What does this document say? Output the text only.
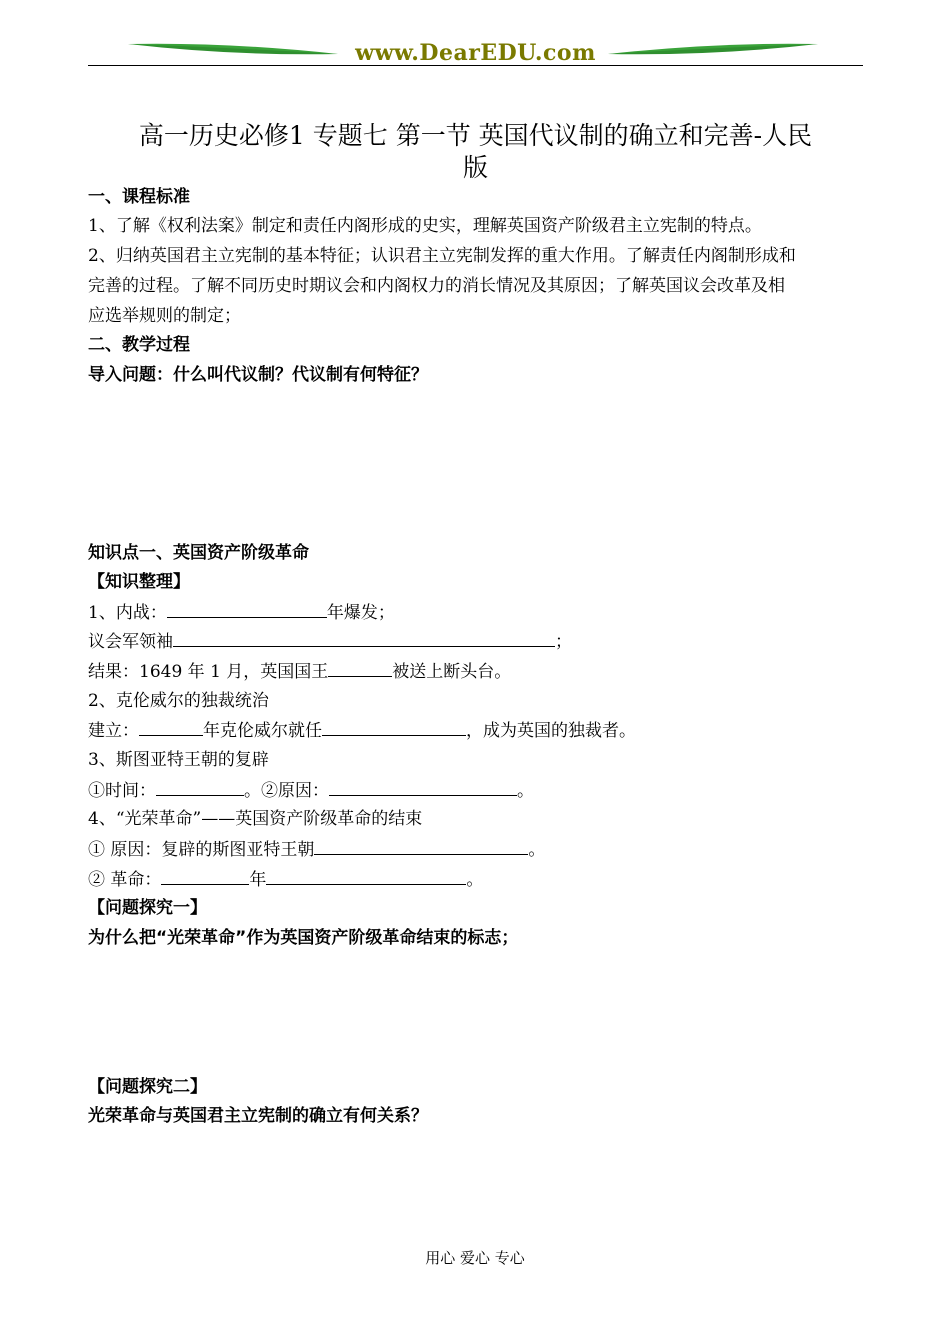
www.DearEDU.com
高一历史必修1 专题七 第一节 英国代议制的确立和完善-人民
版
一、课程标准
1、了解《权利法案》制定和责任内阁形成的史实，理解英国资产阶级君主立宪制的特点。
2、归纳英国君主立宪制的基本特征；认识君主立宪制发挥的重大作用。了解责任内阁制形成和
完善的过程。了解不同历史时期议会和内阁权力的消长情况及其原因；了解英国议会改革及相
应选举规则的制定；
二、教学过程
导入问题：什么叫代议制？代议制有何特征？
知识点一、英国资产阶级革命
【知识整理】
1、内战：	年爆发；
议会军领袖	；
结果：1649 年 1 月，英国国王	被送上断头台。
2、克伦威尔的独裁统治
建立：	年克伦威尔就任	，成为英国的独裁者。
3、斯图亚特王朝的复辟
①时间：	。②原因：	。
4、“光荣革命”——英国资产阶级革命的结束
① 原因：复辟的斯图亚特王朝	。
② 革命：	年	。
【问题探究一】
为什么把“光荣革命”作为英国资产阶级革命结束的标志；
【问题探究二】
光荣革命与英国君主立宪制的确立有何关系？
用心 爱心 专心
